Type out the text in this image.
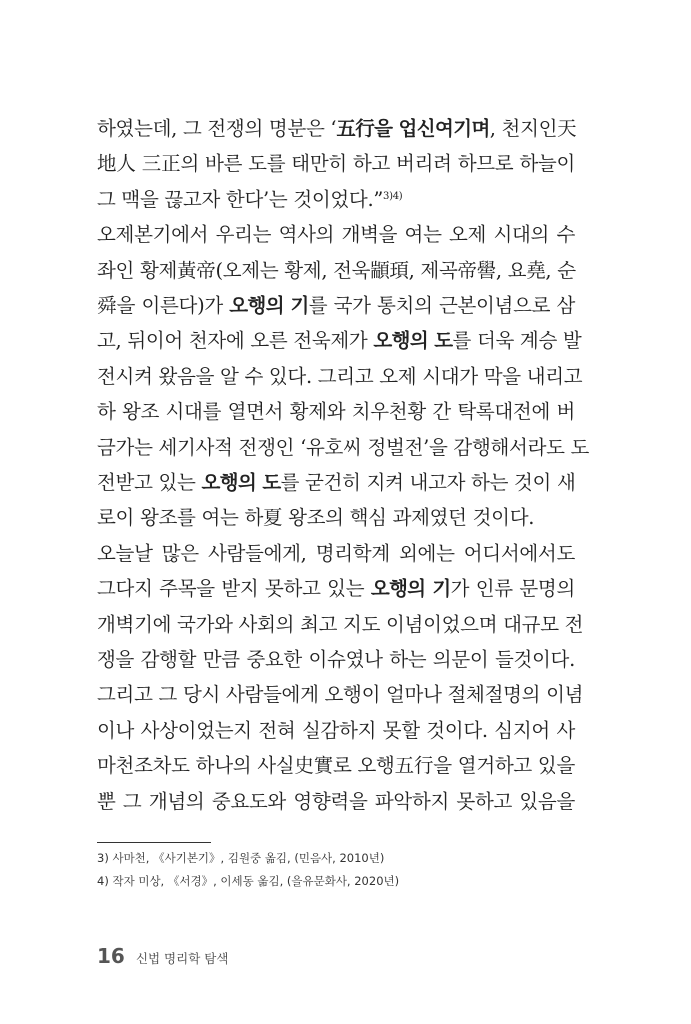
하였는데, 그 전쟁의 명분은 ‘五行을 업신여기며, 천지인天
地人 三正의 바른 도를 태만히 하고 버리려 하므로 하늘이
그 맥을 끊고자 한다’는 것이었다.”$^{3)4)}$
오제본기에서 우리는 역사의 개벽을 여는 오제 시대의 수
좌인 황제黃帝(오제는 황제, 전욱顓頊, 제곡帝嚳, 요堯, 순
舜을 이른다)가 오행의 기를 국가 통치의 근본이념으로 삼
고, 뒤이어 천자에 오른 전욱제가 오행의 도를 더욱 계승 발
전시켜 왔음을 알 수 있다. 그리고 오제 시대가 막을 내리고
하 왕조 시대를 열면서 황제와 치우천황 간 탁록대전에 버
금가는 세기사적 전쟁인 ‘유호씨 정벌전’을 감행해서라도 도
전받고 있는 오행의 도를 굳건히 지켜 내고자 하는 것이 새
로이 왕조를 여는 하夏 왕조의 핵심 과제였던 것이다.
오늘날 많은 사람들에게, 명리학계 외에는 어디서에서도
그다지 주목을 받지 못하고 있는 오행의 기가 인류 문명의
개벽기에 국가와 사회의 최고 지도 이념이었으며 대규모 전
쟁을 감행할 만큼 중요한 이슈였나 하는 의문이 들것이다.
그리고 그 당시 사람들에게 오행이 얼마나 절체절명의 이념
이나 사상이었는지 전혀 실감하지 못할 것이다. 심지어 사
마천조차도 하나의 사실史實로 오행五行을 열거하고 있을
뿐 그 개념의 중요도와 영향력을 파악하지 못하고 있음을
3) 사마천, 《사기본기》, 김원중 옮김, (민음사, 2010년)
4) 작자 미상, 《서경》, 이세동 옮김, (을유문화사, 2020년)
16 신법 명리학 탐색
